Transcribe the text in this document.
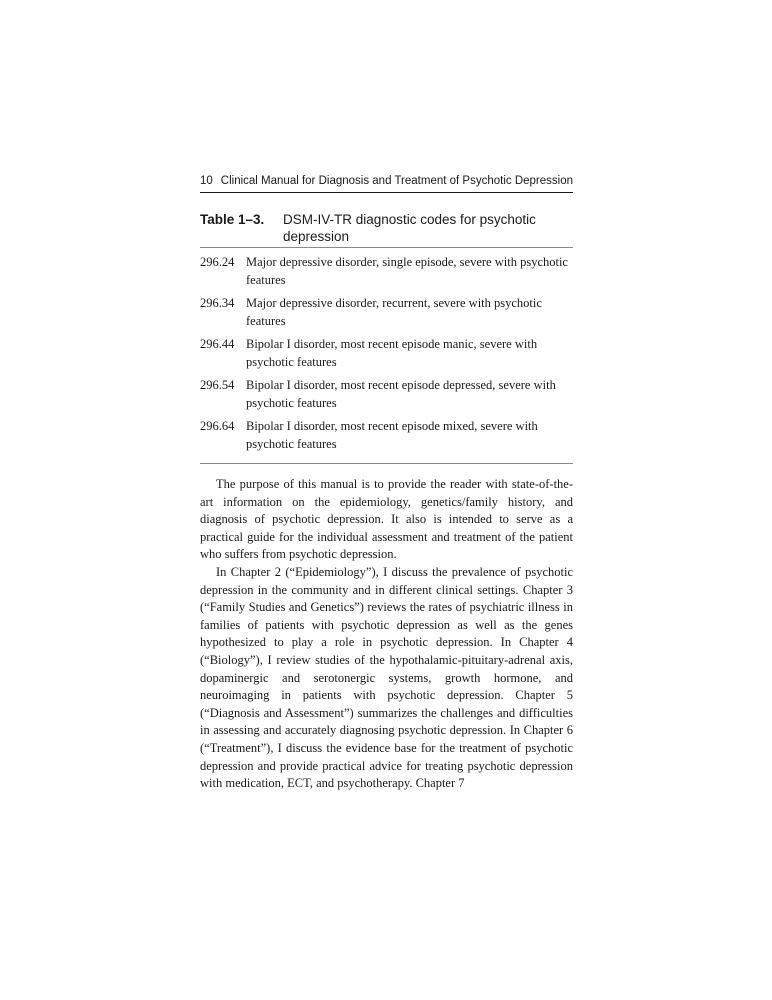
10 Clinical Manual for Diagnosis and Treatment of Psychotic Depression
Table 1–3.	DSM-IV-TR diagnostic codes for psychotic depression
296.24 Major depressive disorder, single episode, severe with psychotic features
296.34 Major depressive disorder, recurrent, severe with psychotic features
296.44 Bipolar I disorder, most recent episode manic, severe with psychotic features
296.54 Bipolar I disorder, most recent episode depressed, severe with psychotic features
296.64 Bipolar I disorder, most recent episode mixed, severe with psychotic features

The purpose of this manual is to provide the reader with state-of-the-art information on the epidemiology, genetics/family history, and diagnosis of psychotic depression. It also is intended to serve as a practical guide for the individual assessment and treatment of the patient who suffers from psychotic depression.

In Chapter 2 (“Epidemiology”), I discuss the prevalence of psychotic depression in the community and in different clinical settings. Chapter 3 (“Family Studies and Genetics”) reviews the rates of psychiatric illness in families of patients with psychotic depression as well as the genes hypothesized to play a role in psychotic depression. In Chapter 4 (“Biology”), I review studies of the hypothalamic-pituitary-adrenal axis, dopaminergic and serotonergic systems, growth hormone, and neuroimaging in patients with psychotic depression. Chapter 5 (“Diagnosis and Assessment”) summarizes the challenges and difficulties in assessing and accurately diagnosing psychotic depression. In Chapter 6 (“Treatment”), I discuss the evidence base for the treatment of psychotic depression and provide practical advice for treating psychotic depression with medication, ECT, and psychotherapy. Chapter 7
